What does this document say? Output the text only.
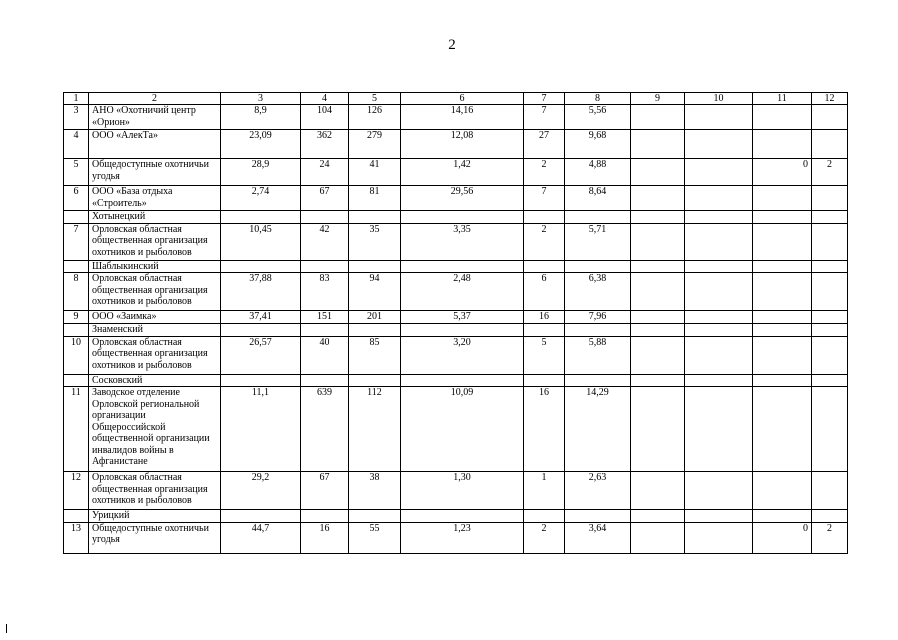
2
1	2	3	4	5	6	7	8	9	10	11	12
3	АНО «Охотничий центр «Орион»	8,9	104	126	14,16	7	5,56				
4	ООО «АлекТа»	23,09	362	279	12,08	27	9,68				
5	Общедоступные охотничьи угодья	28,9	24	41	1,42	2	4,88			0	2
6	ООО «База отдыха «Строитель»	2,74	67	81	29,56	7	8,64				
	Хотынецкий										
7	Орловская областная общественная организация охотников и рыболовов	10,45	42	35	3,35	2	5,71				
	Шаблыкинский										
8	Орловская областная общественная организация охотников и рыболовов	37,88	83	94	2,48	6	6,38				
9	ООО «Заимка»	37,41	151	201	5,37	16	7,96				
	Знаменский										
10	Орловская областная общественная организация охотников и рыболовов	26,57	40	85	3,20	5	5,88				
	Сосковский										
11	Заводское отделение Орловской региональной организации Общероссийской общественной организации инвалидов войны в Афганистане	11,1	639	112	10,09	16	14,29				
12	Орловская областная общественная организация охотников и рыболовов	29,2	67	38	1,30	1	2,63				
	Урицкий										
13	Общедоступные охотничьи угодья	44,7	16	55	1,23	2	3,64			0	2
